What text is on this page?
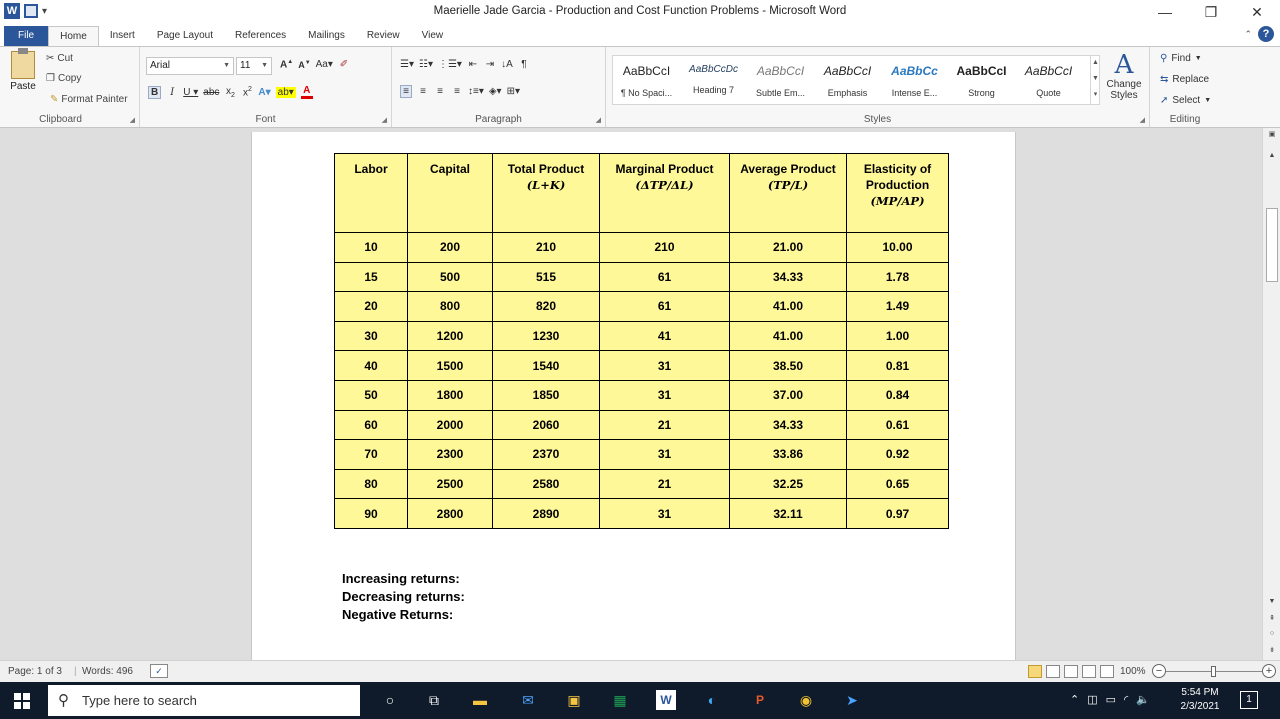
W ▾	Maerielle Jade Garcia - Production and Cost Function Problems - Microsoft Word	—	❐	✕
File	Home	Insert	Page Layout	References	Mailings	Review	View	⌃ ?
Paste
✂ Cut
❐ Copy
✎ Format Painter
Clipboard	◢
Arial	▼	11 ▼ A▲ A▼ Aa▾ ✐
B	I U ▾ abc $x_2$ $x^2$ A▾ ab▾ A
Font	◢
☰▾ ☷▾ ⋮☰▾ ⇤ ⇥ ↓A ¶
≡	≡	≡	≡ ↕≡▾ ◈▾ ⊞▾
Paragraph	◢	Styles	◢
AaBbCcI
¶ No Spaci...
AaBbCcDc
Heading 7
AaBbCcI
Subtle Em...
AaBbCcI
Emphasis
AaBbCc
Intense E...
AaBbCcI
Strong
AaBbCcI
Quote
▲
▼
▾
A
Change Styles
Editing
⚲ Find ▼
⇆ Replace
➚ Select ▼
Labor	Capital	Total Product
(L+K)	Marginal Product
(ΔTP/ΔL)	Average Product
(TP/L)	Elasticity of Production
(MP/AP)

10	200	210	210	21.00	10.00
15	500	515	61	34.33	1.78
20	800	820	61	41.00	1.49
30	1200	1230	41	41.00	1.00
40	1500	1540	31	38.50	0.81
50	1800	1850	31	37.00	0.84
60	2000	2060	21	34.33	0.61
70	2300	2370	31	33.86	0.92
80	2500	2580	21	32.25	0.65
90	2800	2890	31	32.11	0.97
Increasing returns:
Decreasing returns:
Negative Returns:
▣
▲
▼
⇞
○
⇟
Page: 1 of 3 | Words: 496	✓	100% −	+
⚲ Type here to search	○	⧉	▬	✉ ▣ ▦	W	◐	P	◉ ➤	⌃ ◫ ▭ ◜ 🔈
5:54 PM
2/3/2021
1
